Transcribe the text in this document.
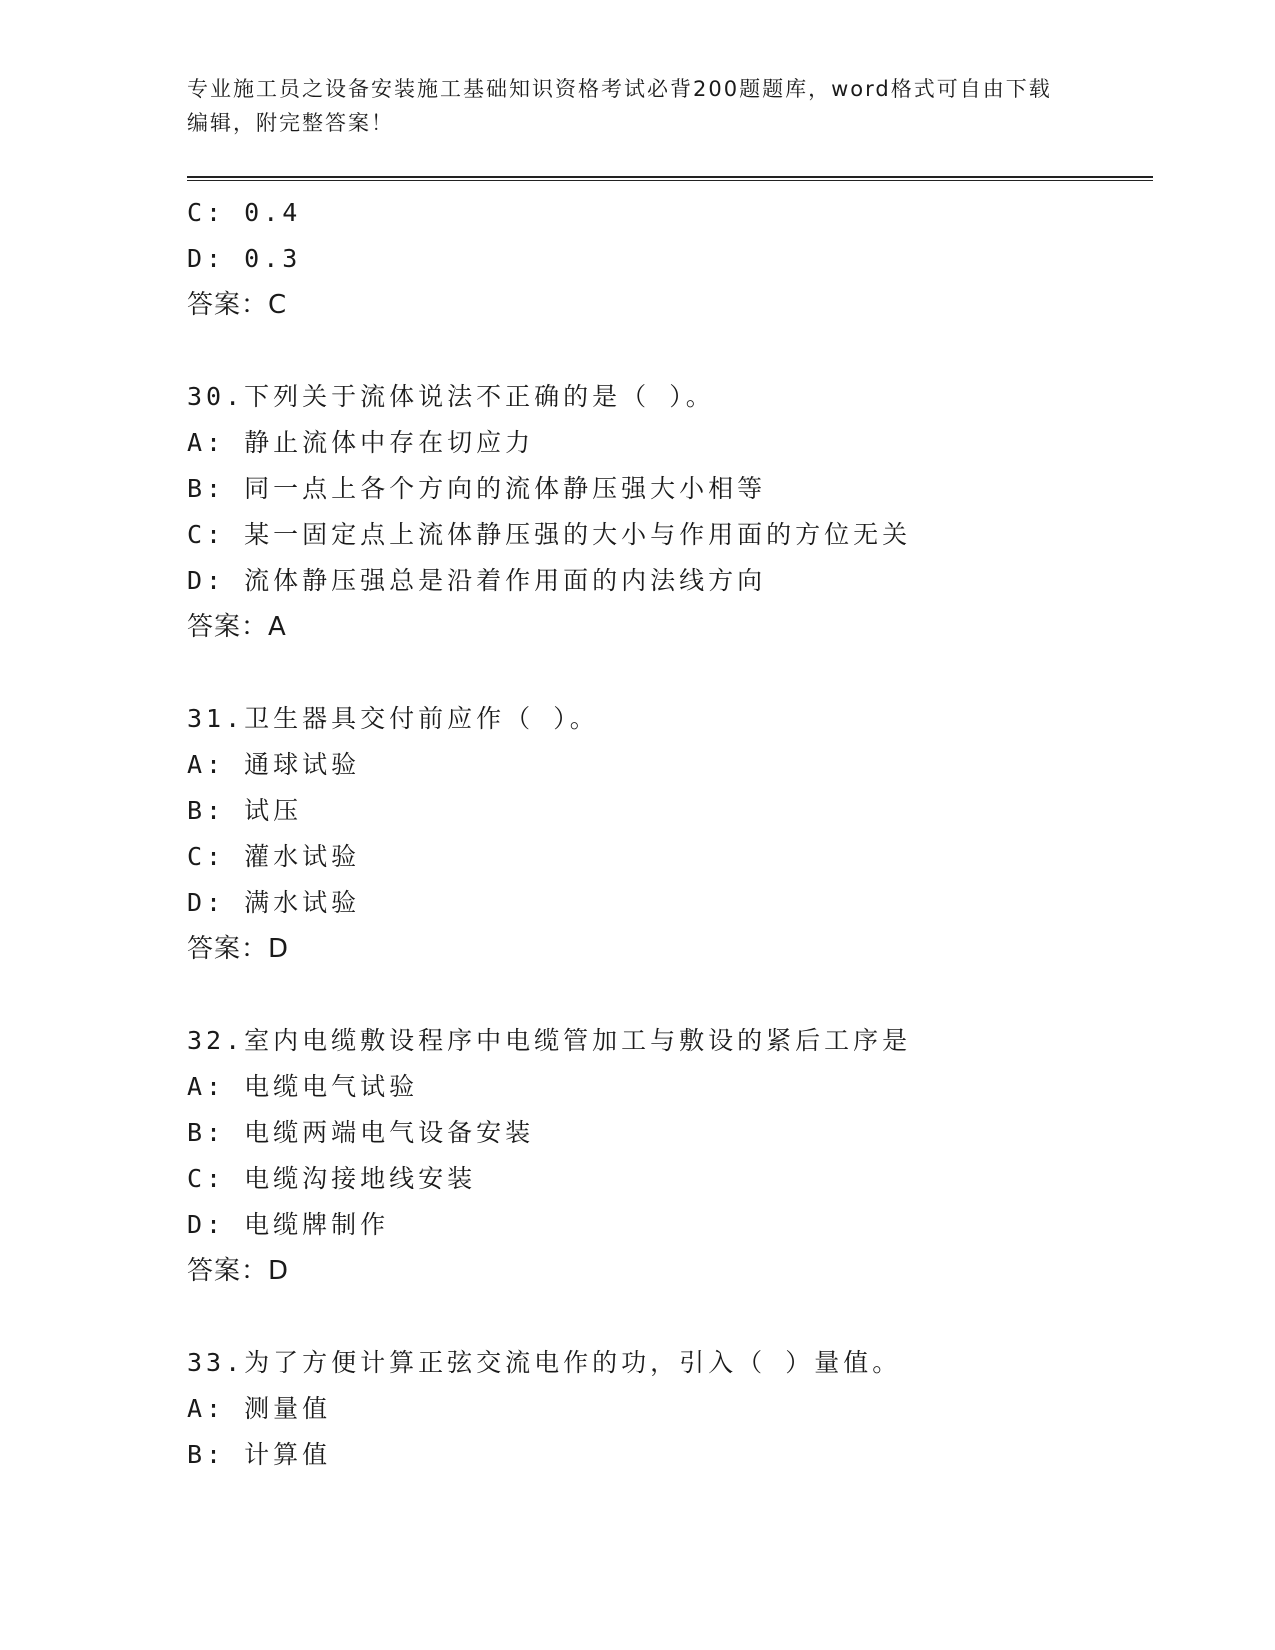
专业施工员之设备安装施工基础知识资格考试必背200题题库，word格式可自由下载编辑，附完整答案！
C: 0.4
D: 0.3
答案：C
30.下列关于流体说法不正确的是（ ）。
A: 静止流体中存在切应力
B: 同一点上各个方向的流体静压强大小相等
C: 某一固定点上流体静压强的大小与作用面的方位无关
D: 流体静压强总是沿着作用面的内法线方向
答案：A
31.卫生器具交付前应作（ ）。
A: 通球试验
B: 试压
C: 灌水试验
D: 满水试验
答案：D
32.室内电缆敷设程序中电缆管加工与敷设的紧后工序是
A: 电缆电气试验
B: 电缆两端电气设备安装
C: 电缆沟接地线安装
D: 电缆牌制作
答案：D
33.为了方便计算正弦交流电作的功，引入（ ）量值。
A: 测量值
B: 计算值
